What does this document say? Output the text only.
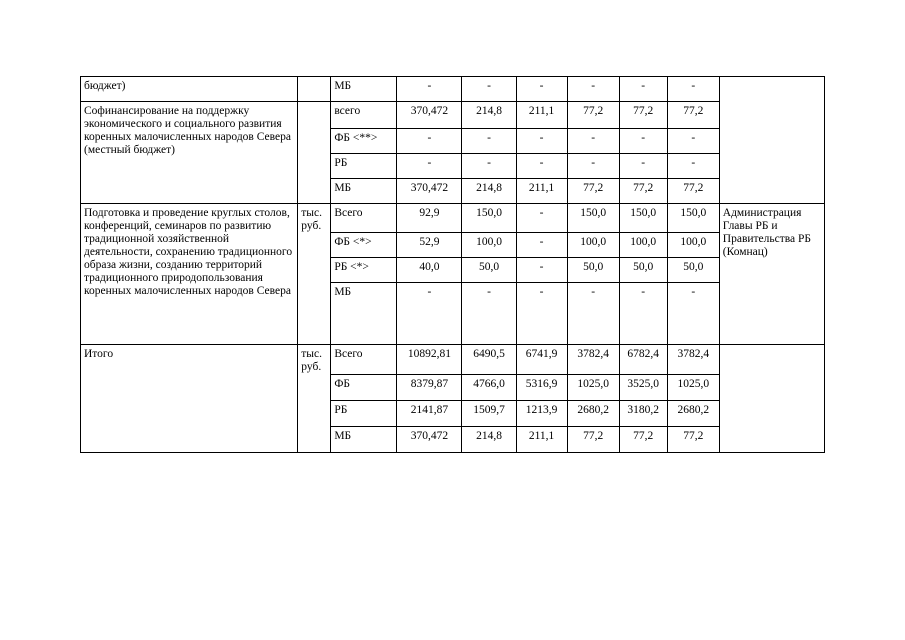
бюджет)		МБ	-	-	-	-	-	-	
Софинансирование на поддержку экономического и социального развития коренных малочисленных народов Севера (местный бюджет)		всего	370,472	214,8	211,1	77,2	77,2	77,2	
		ФБ <**>	-	-	-	-	-	-	
		РБ	-	-	-	-	-	-	
		МБ	370,472	214,8	211,1	77,2	77,2	77,2	
Подготовка и проведение круглых столов, конференций, семинаров по развитию традиционной хозяйственной деятельности, сохранению традиционного образа жизни, созданию территорий традиционного природопользования коренных малочисленных народов Севера	тыс. руб.	Всего	92,9	150,0	-	150,0	150,0	150,0	Администрация Главы РБ и Правительства РБ (Комнац)
		ФБ <*>	52,9	100,0	-	100,0	100,0	100,0	
		РБ <*>	40,0	50,0	-	50,0	50,0	50,0	
		МБ	-	-	-	-	-	-	
Итого	тыс. руб.	Всего	10892,81	6490,5	6741,9	3782,4	6782,4	3782,4	
		ФБ	8379,87	4766,0	5316,9	1025,0	3525,0	1025,0	
		РБ	2141,87	1509,7	1213,9	2680,2	3180,2	2680,2	
		МБ	370,472	214,8	211,1	77,2	77,2	77,2	
